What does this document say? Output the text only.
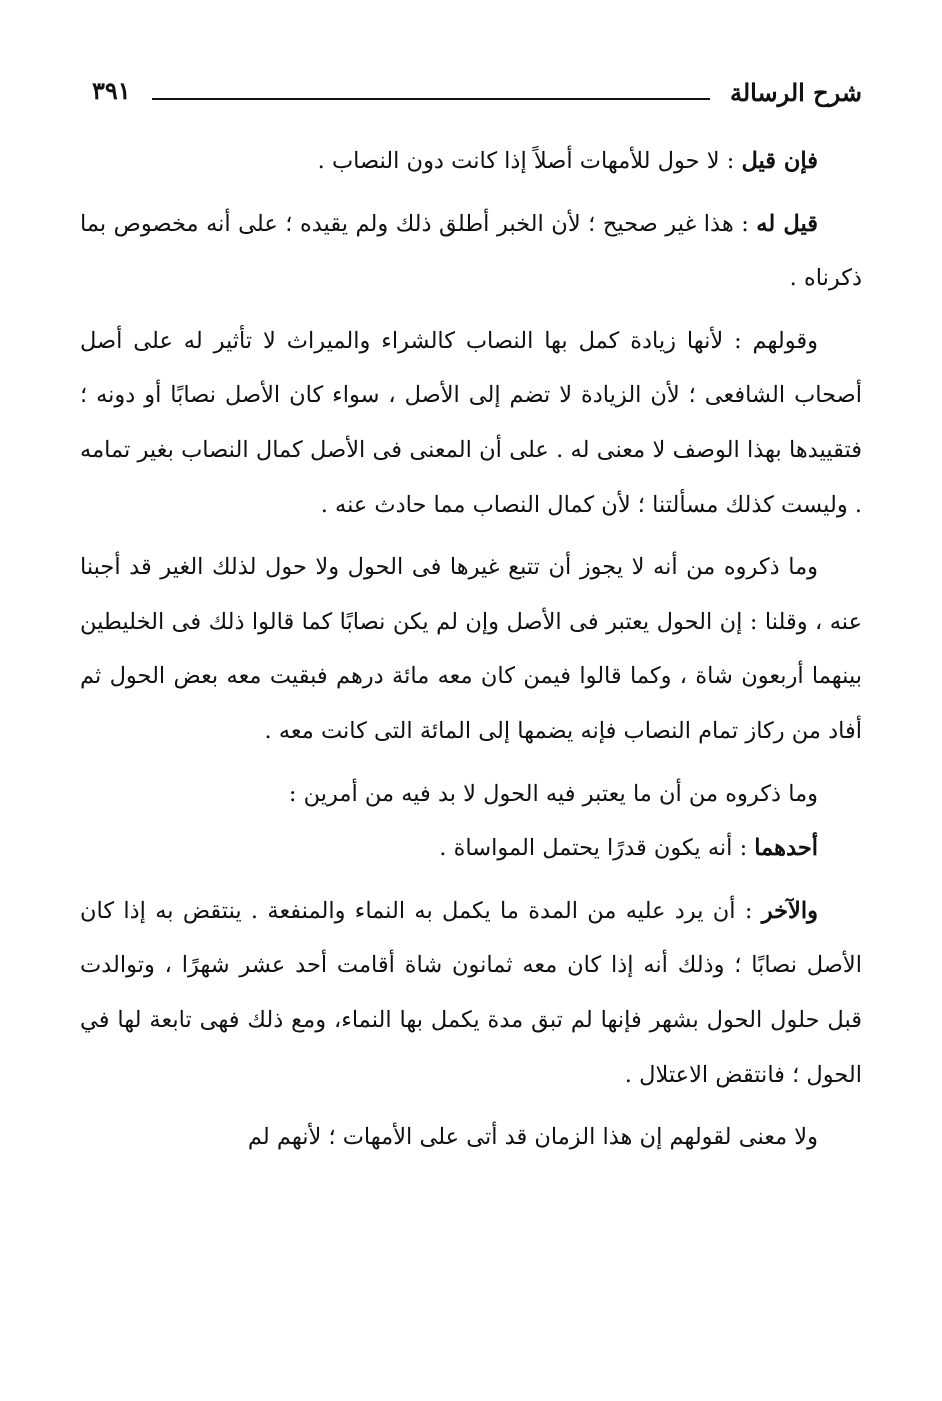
شرح الرسالة
٣٩١

فإن قيل : لا حول للأمهات أصلاً إذا كانت دون النصاب .

قيل له : هذا غير صحيح ؛ لأن الخبر أطلق ذلك ولم يقيده ؛ على أنه مخصوص بما ذكرناه .

وقولهم : لأنها زيادة كمل بها النصاب كالشراء والميراث لا تأثير له على أصل أصحاب الشافعى ؛ لأن الزيادة لا تضم إلى الأصل ، سواء كان الأصل نصابًا أو دونه ؛ فتقييدها بهذا الوصف لا معنى له . على أن المعنى فى الأصل كمال النصاب بغير تمامه . وليست كذلك مسألتنا ؛ لأن كمال النصاب مما حادث عنه .

وما ذكروه من أنه لا يجوز أن تتبع غيرها فى الحول ولا حول لذلك الغير قد أجبنا عنه ، وقلنا : إن الحول يعتبر فى الأصل وإن لم يكن نصابًا كما قالوا ذلك فى الخليطين بينهما أربعون شاة ، وكما قالوا فيمن كان معه مائة درهم فبقيت معه بعض الحول ثم أفاد من ركاز تمام النصاب فإنه يضمها إلى المائة التى كانت معه .

وما ذكروه من أن ما يعتبر فيه الحول لا بد فيه من أمرين :

أحدهما : أنه يكون قدرًا يحتمل المواساة .

والآخر : أن يرد عليه من المدة ما يكمل به النماء والمنفعة . ينتقض به إذا كان الأصل نصابًا ؛ وذلك أنه إذا كان معه ثمانون شاة أقامت أحد عشر شهرًا ، وتوالدت قبل حلول الحول بشهر فإنها لم تبق مدة يكمل بها النماء، ومع ذلك فهى تابعة لها في الحول ؛ فانتقض الاعتلال .

ولا معنى لقولهم إن هذا الزمان قد أتى على الأمهات ؛ لأنهم لم
